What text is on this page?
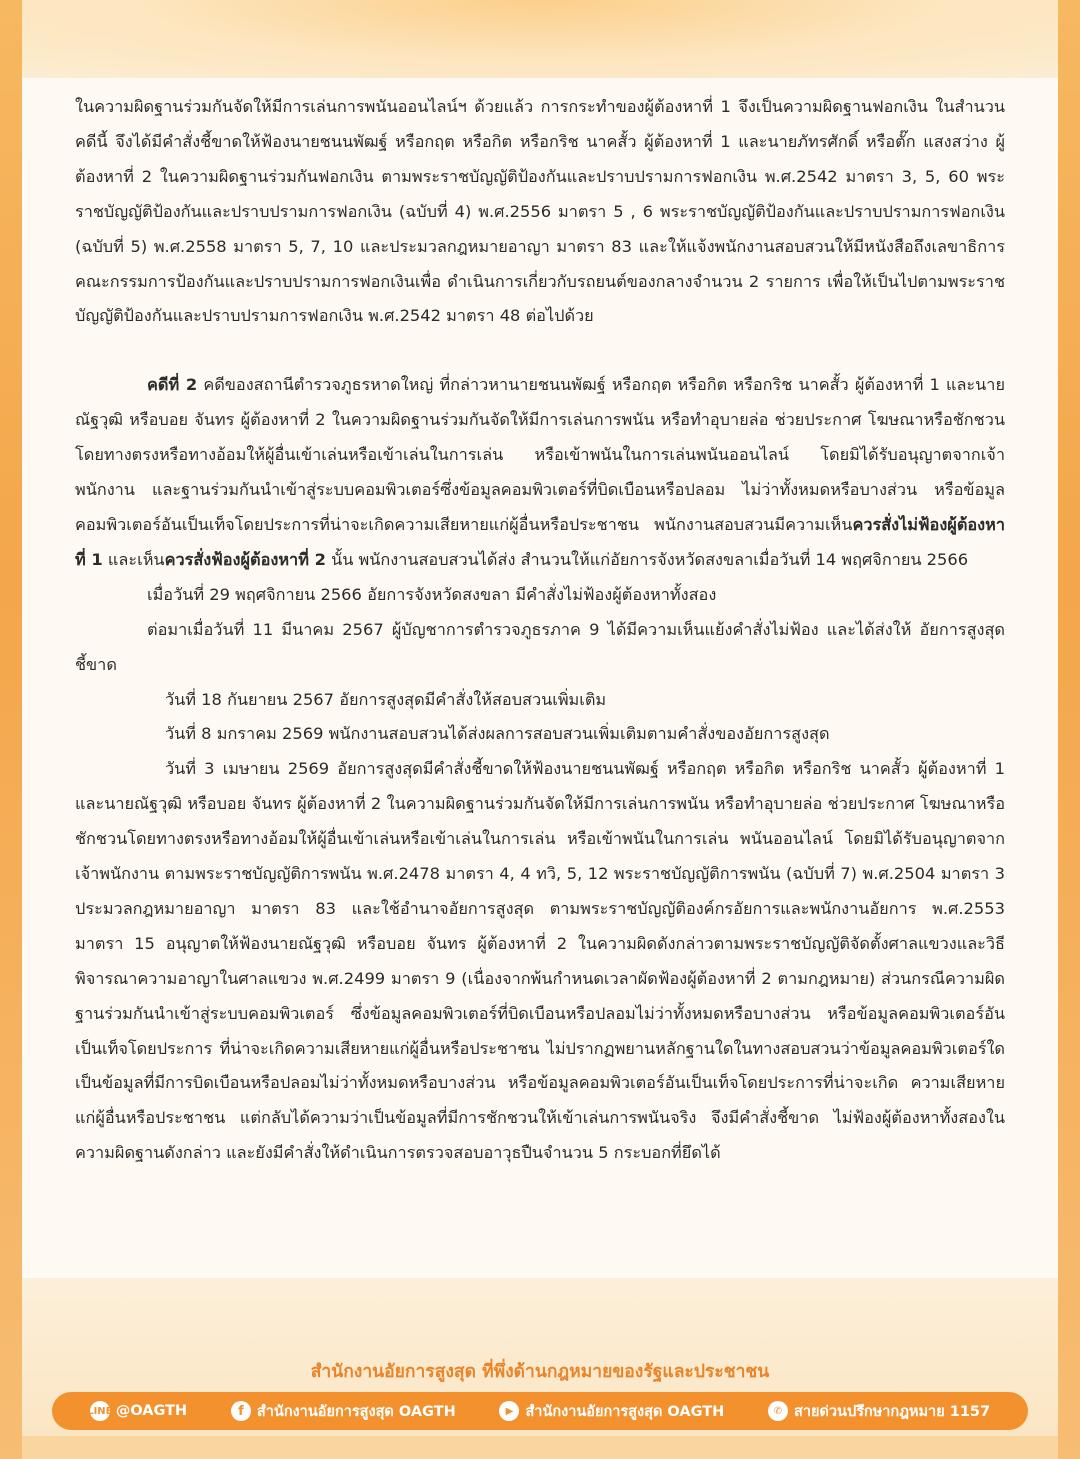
ในความผิดฐานร่วมกันจัดให้มีการเล่นการพนันออนไลน์ฯ ด้วยแล้ว การกระทำของผู้ต้องหาที่ 1 จึงเป็นความผิดฐานฟอกเงิน ในสำนวนคดีนี้ จึงได้มีคำสั่งชี้ขาดให้ฟ้องนายชนนพัฒฐ์ หรือกฤต หรือกิต หรือกริช นาคสั้ว ผู้ต้องหาที่ 1 และนายภัทรศักดิ์ หรือตั๊ก แสงสว่าง ผู้ต้องหาที่ 2 ในความผิดฐานร่วมกันฟอกเงิน ตามพระราชบัญญัติป้องกันและปราบปรามการฟอกเงิน พ.ศ.2542 มาตรา 3, 5, 60 พระราชบัญญัติป้องกันและปราบปรามการฟอกเงิน (ฉบับที่ 4) พ.ศ.2556 มาตรา 5 , 6 พระราชบัญญัติป้องกันและปราบปรามการฟอกเงิน (ฉบับที่ 5) พ.ศ.2558 มาตรา 5, 7, 10 และประมวลกฎหมายอาญา มาตรา 83 และให้แจ้งพนักงานสอบสวนให้มีหนังสือถึงเลขาธิการคณะกรรมการป้องกันและปราบปรามการฟอกเงินเพื่อ ดำเนินการเกี่ยวกับรถยนต์ของกลางจำนวน 2 รายการ เพื่อให้เป็นไปตามพระราชบัญญัติป้องกันและปราบปรามการฟอกเงิน พ.ศ.2542 มาตรา 48 ต่อไปด้วย

คดีที่ 2 คดีของสถานีตำรวจภูธรหาดใหญ่ ที่กล่าวหานายชนนพัฒฐ์ หรือกฤต หรือกิต หรือกริช นาคสั้ว ผู้ต้องหาที่ 1 และนายณัฐวุฒิ หรือบอย จันทร ผู้ต้องหาที่ 2 ในความผิดฐานร่วมกันจัดให้มีการเล่นการพนัน หรือทำอุบายล่อ ช่วยประกาศ โฆษณาหรือชักชวนโดยทางตรงหรือทางอ้อมให้ผู้อื่นเข้าเล่นหรือเข้าเล่นในการเล่น หรือเข้าพนันในการเล่นพนันออนไลน์ โดยมิได้รับอนุญาตจากเจ้าพนักงาน และฐานร่วมกันนำเข้าสู่ระบบคอมพิวเตอร์ซึ่งข้อมูลคอมพิวเตอร์ที่บิดเบือนหรือปลอม ไม่ว่าทั้งหมดหรือบางส่วน หรือข้อมูลคอมพิวเตอร์อันเป็นเท็จโดยประการที่น่าจะเกิดความเสียหายแก่ผู้อื่นหรือประชาชน พนักงานสอบสวนมีความเห็นควรสั่งไม่ฟ้องผู้ต้องหาที่ 1 และเห็นควรสั่งฟ้องผู้ต้องหาที่ 2 นั้น พนักงานสอบสวนได้ส่ง สำนวนให้แก่อัยการจังหวัดสงขลาเมื่อวันที่ 14 พฤศจิกายน 2566

เมื่อวันที่ 29 พฤศจิกายน 2566 อัยการจังหวัดสงขลา มีคำสั่งไม่ฟ้องผู้ต้องหาทั้งสอง

ต่อมาเมื่อวันที่ 11 มีนาคม 2567 ผู้บัญชาการตำรวจภูธรภาค 9 ได้มีความเห็นแย้งคำสั่งไม่ฟ้อง และได้ส่งให้ อัยการสูงสุดชี้ขาด

วันที่ 18 กันยายน 2567 อัยการสูงสุดมีคำสั่งให้สอบสวนเพิ่มเติม

วันที่ 8 มกราคม 2569 พนักงานสอบสวนได้ส่งผลการสอบสวนเพิ่มเติมตามคำสั่งของอัยการสูงสุด

วันที่ 3 เมษายน 2569 อัยการสูงสุดมีคำสั่งชี้ขาดให้ฟ้องนายชนนพัฒฐ์ หรือกฤต หรือกิต หรือกริช นาคสั้ว ผู้ต้องหาที่ 1 และนายณัฐวุฒิ หรือบอย จันทร ผู้ต้องหาที่ 2 ในความผิดฐานร่วมกันจัดให้มีการเล่นการพนัน หรือทำอุบายล่อ ช่วยประกาศ โฆษณาหรือชักชวนโดยทางตรงหรือทางอ้อมให้ผู้อื่นเข้าเล่นหรือเข้าเล่นในการเล่น หรือเข้าพนันในการเล่น พนันออนไลน์ โดยมิได้รับอนุญาตจากเจ้าพนักงาน ตามพระราชบัญญัติการพนัน พ.ศ.2478 มาตรา 4, 4 ทวิ, 5, 12 พระราชบัญญัติการพนัน (ฉบับที่ 7) พ.ศ.2504 มาตรา 3 ประมวลกฎหมายอาญา มาตรา 83 และใช้อำนาจอัยการสูงสุด ตามพระราชบัญญัติองค์กรอัยการและพนักงานอัยการ พ.ศ.2553 มาตรา 15 อนุญาตให้ฟ้องนายณัฐวุฒิ หรือบอย จันทร ผู้ต้องหาที่ 2 ในความผิดดังกล่าวตามพระราชบัญญัติจัดตั้งศาลแขวงและวิธีพิจารณาความอาญาในศาลแขวง พ.ศ.2499 มาตรา 9 (เนื่องจากพ้นกำหนดเวลาผัดฟ้องผู้ต้องหาที่ 2 ตามกฎหมาย) ส่วนกรณีความผิดฐานร่วมกันนำเข้าสู่ระบบคอมพิวเตอร์ ซึ่งข้อมูลคอมพิวเตอร์ที่บิดเบือนหรือปลอมไม่ว่าทั้งหมดหรือบางส่วน หรือข้อมูลคอมพิวเตอร์อันเป็นเท็จโดยประการ ที่น่าจะเกิดความเสียหายแก่ผู้อื่นหรือประชาชน ไม่ปรากฏพยานหลักฐานใดในทางสอบสวนว่าข้อมูลคอมพิวเตอร์ใด เป็นข้อมูลที่มีการบิดเบือนหรือปลอมไม่ว่าทั้งหมดหรือบางส่วน หรือข้อมูลคอมพิวเตอร์อันเป็นเท็จโดยประการที่น่าจะเกิด ความเสียหายแก่ผู้อื่นหรือประชาชน แต่กลับได้ความว่าเป็นข้อมูลที่มีการชักชวนให้เข้าเล่นการพนันจริง จึงมีคำสั่งชี้ขาด ไม่ฟ้องผู้ต้องหาทั้งสองในความผิดฐานดังกล่าว และยังมีคำสั่งให้ดำเนินการตรวจสอบอาวุธปืนจำนวน 5 กระบอกที่ยึดได้

สำนักงานอัยการสูงสุด ที่พึ่งด้านกฎหมายของรัฐและประชาชน
LINE @OAGTH	f สำนักงานอัยการสูงสุด OAGTH	▶ สำนักงานอัยการสูงสุด OAGTH	✆ สายด่วนปรึกษากฎหมาย 1157
